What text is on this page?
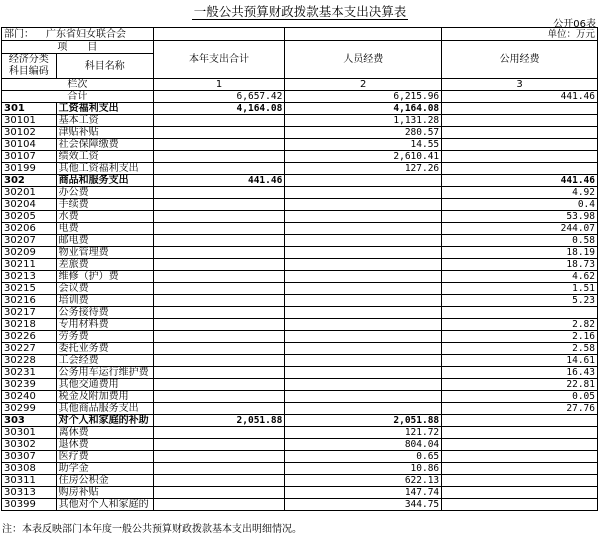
一般公共预算财政拨款基本支出决算表
公开06表
部门： 广东省妇女联合会				单位：万元
项　　目		本年支出合计	人员经费	公用经费
经济分类科目编码	科目名称			

栏次		1	2	3
合计		6,657.42	6,215.96	441.46
301	工资福利支出	4,164.08	4,164.08	
30101	基本工资		1,131.28	
30102	津贴补贴		280.57	
30104	社会保障缴费		14.55	
30107	绩效工资		2,610.41	
30199	其他工资福利支出		127.26	
302	商品和服务支出	441.46		441.46
30201	办公费			4.92
30204	手续费			0.4
30205	水费			53.98
30206	电费			244.07
30207	邮电费			0.58
30209	物业管理费			18.19
30211	差旅费			18.73
30213	维修（护）费			4.62
30215	会议费			1.51
30216	培训费			5.23
30217	公务接待费			
30218	专用材料费			2.82
30226	劳务费			2.16
30227	委托业务费			2.58
30228	工会经费			14.61
30231	公务用车运行维护费			16.43
30239	其他交通费用			22.81
30240	税金及附加费用			0.05
30299	其他商品服务支出			27.76
303	对个人和家庭的补助	2,051.88	2,051.88	
30301	离休费		121.72	
30302	退休费		804.04	
30307	医疗费		0.65	
30308	助学金		10.86	
30311	住房公积金		622.13	
30313	购房补贴		147.74	
30399	其他对个人和家庭的		344.75	
注：本表反映部门本年度一般公共预算财政拨款基本支出明细情况。
